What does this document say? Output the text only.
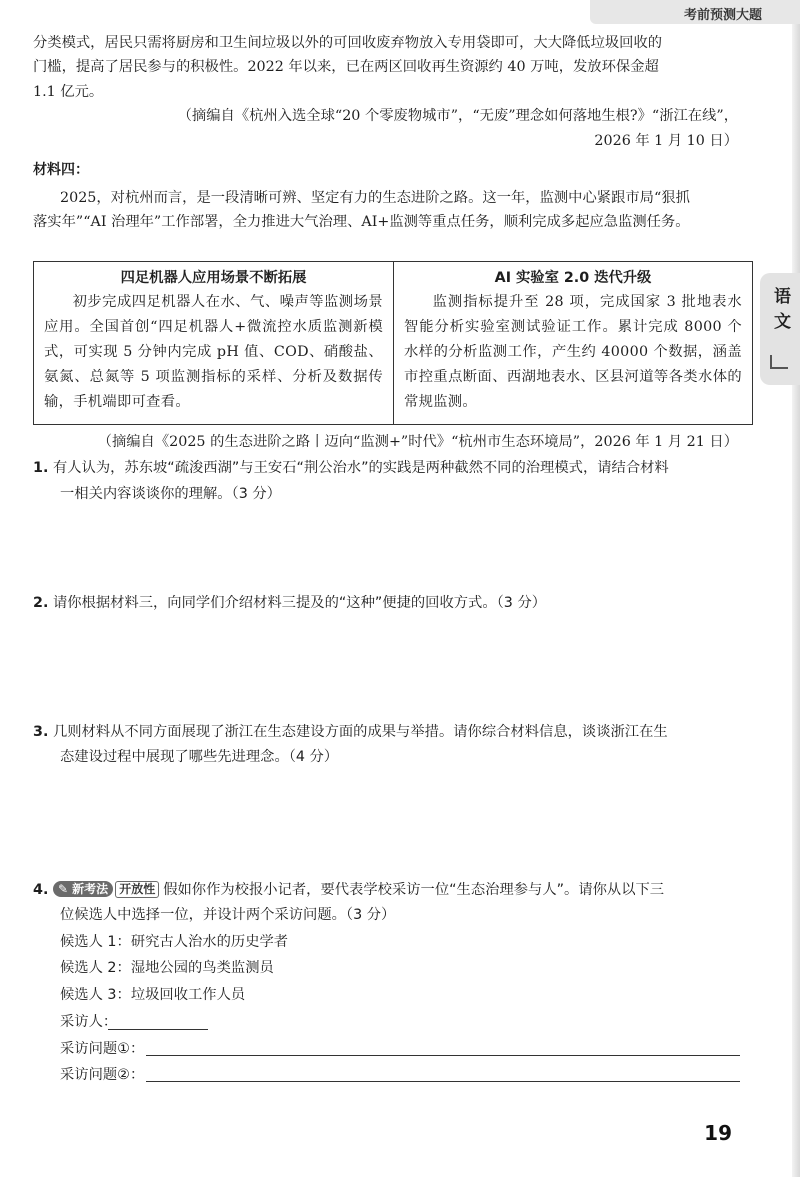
考前预测大题
语文

分类模式，居民只需将厨房和卫生间垃圾以外的可回收废弃物放入专用袋即可，大大降低垃圾回收的

门槛，提高了居民参与的积极性。2022 年以来，已在两区回收再生资源约 40 万吨，发放环保金超

1.1 亿元。

（摘编自《杭州入选全球“20 个零废物城市”，“无废”理念如何落地生根?》“浙江在线”，

2026 年 1 月 10 日）

材料四：

2025，对杭州而言，是一段清晰可辨、坚定有力的生态进阶之路。这一年，监测中心紧跟市局“狠抓

落实年”“AI 治理年”工作部署，全力推进大气治理、AI+监测等重点任务，顺利完成多起应急监测任务。

四足机器人应用场景不断拓展
初步完成四足机器人在水、气、噪声等监测场景应用。全国首创“四足机器人+微流控水质监测新模式，可实现 5 分钟内完成 pH 值、COD、硝酸盐、氨氮、总氮等 5 项监测指标的采样、分析及数据传输，手机端即可查看。
AI 实验室 2.0 迭代升级
监测指标提升至 28 项，完成国家 3 批地表水智能分析实验室测试验证工作。累计完成 8000 个水样的分析监测工作，产生约 40000 个数据，涵盖市控重点断面、西湖地表水、区县河道等各类水体的常规监测。

（摘编自《2025 的生态进阶之路丨迈向“监测+”时代》“杭州市生态环境局”，2026 年 1 月 21 日）

1. 有人认为，苏东坡“疏浚西湖”与王安石“荆公治水”的实践是两种截然不同的治理模式，请结合材料

一相关内容谈谈你的理解。（3 分）

2. 请你根据材料三，向同学们介绍材料三提及的“这种”便捷的回收方式。（3 分）

3. 几则材料从不同方面展现了浙江在生态建设方面的成果与举措。请你综合材料信息，谈谈浙江在生

态建设过程中展现了哪些先进理念。（4 分）

4. ✎ 新考法 开放性 假如你作为校报小记者，要代表学校采访一位“生态治理参与人”。请你从以下三

位候选人中选择一位，并设计两个采访问题。（3 分）

候选人 1：研究古人治水的历史学者

候选人 2：湿地公园的鸟类监测员

候选人 3：垃圾回收工作人员

采访人：

采访问题①：

采访问题②：

19
